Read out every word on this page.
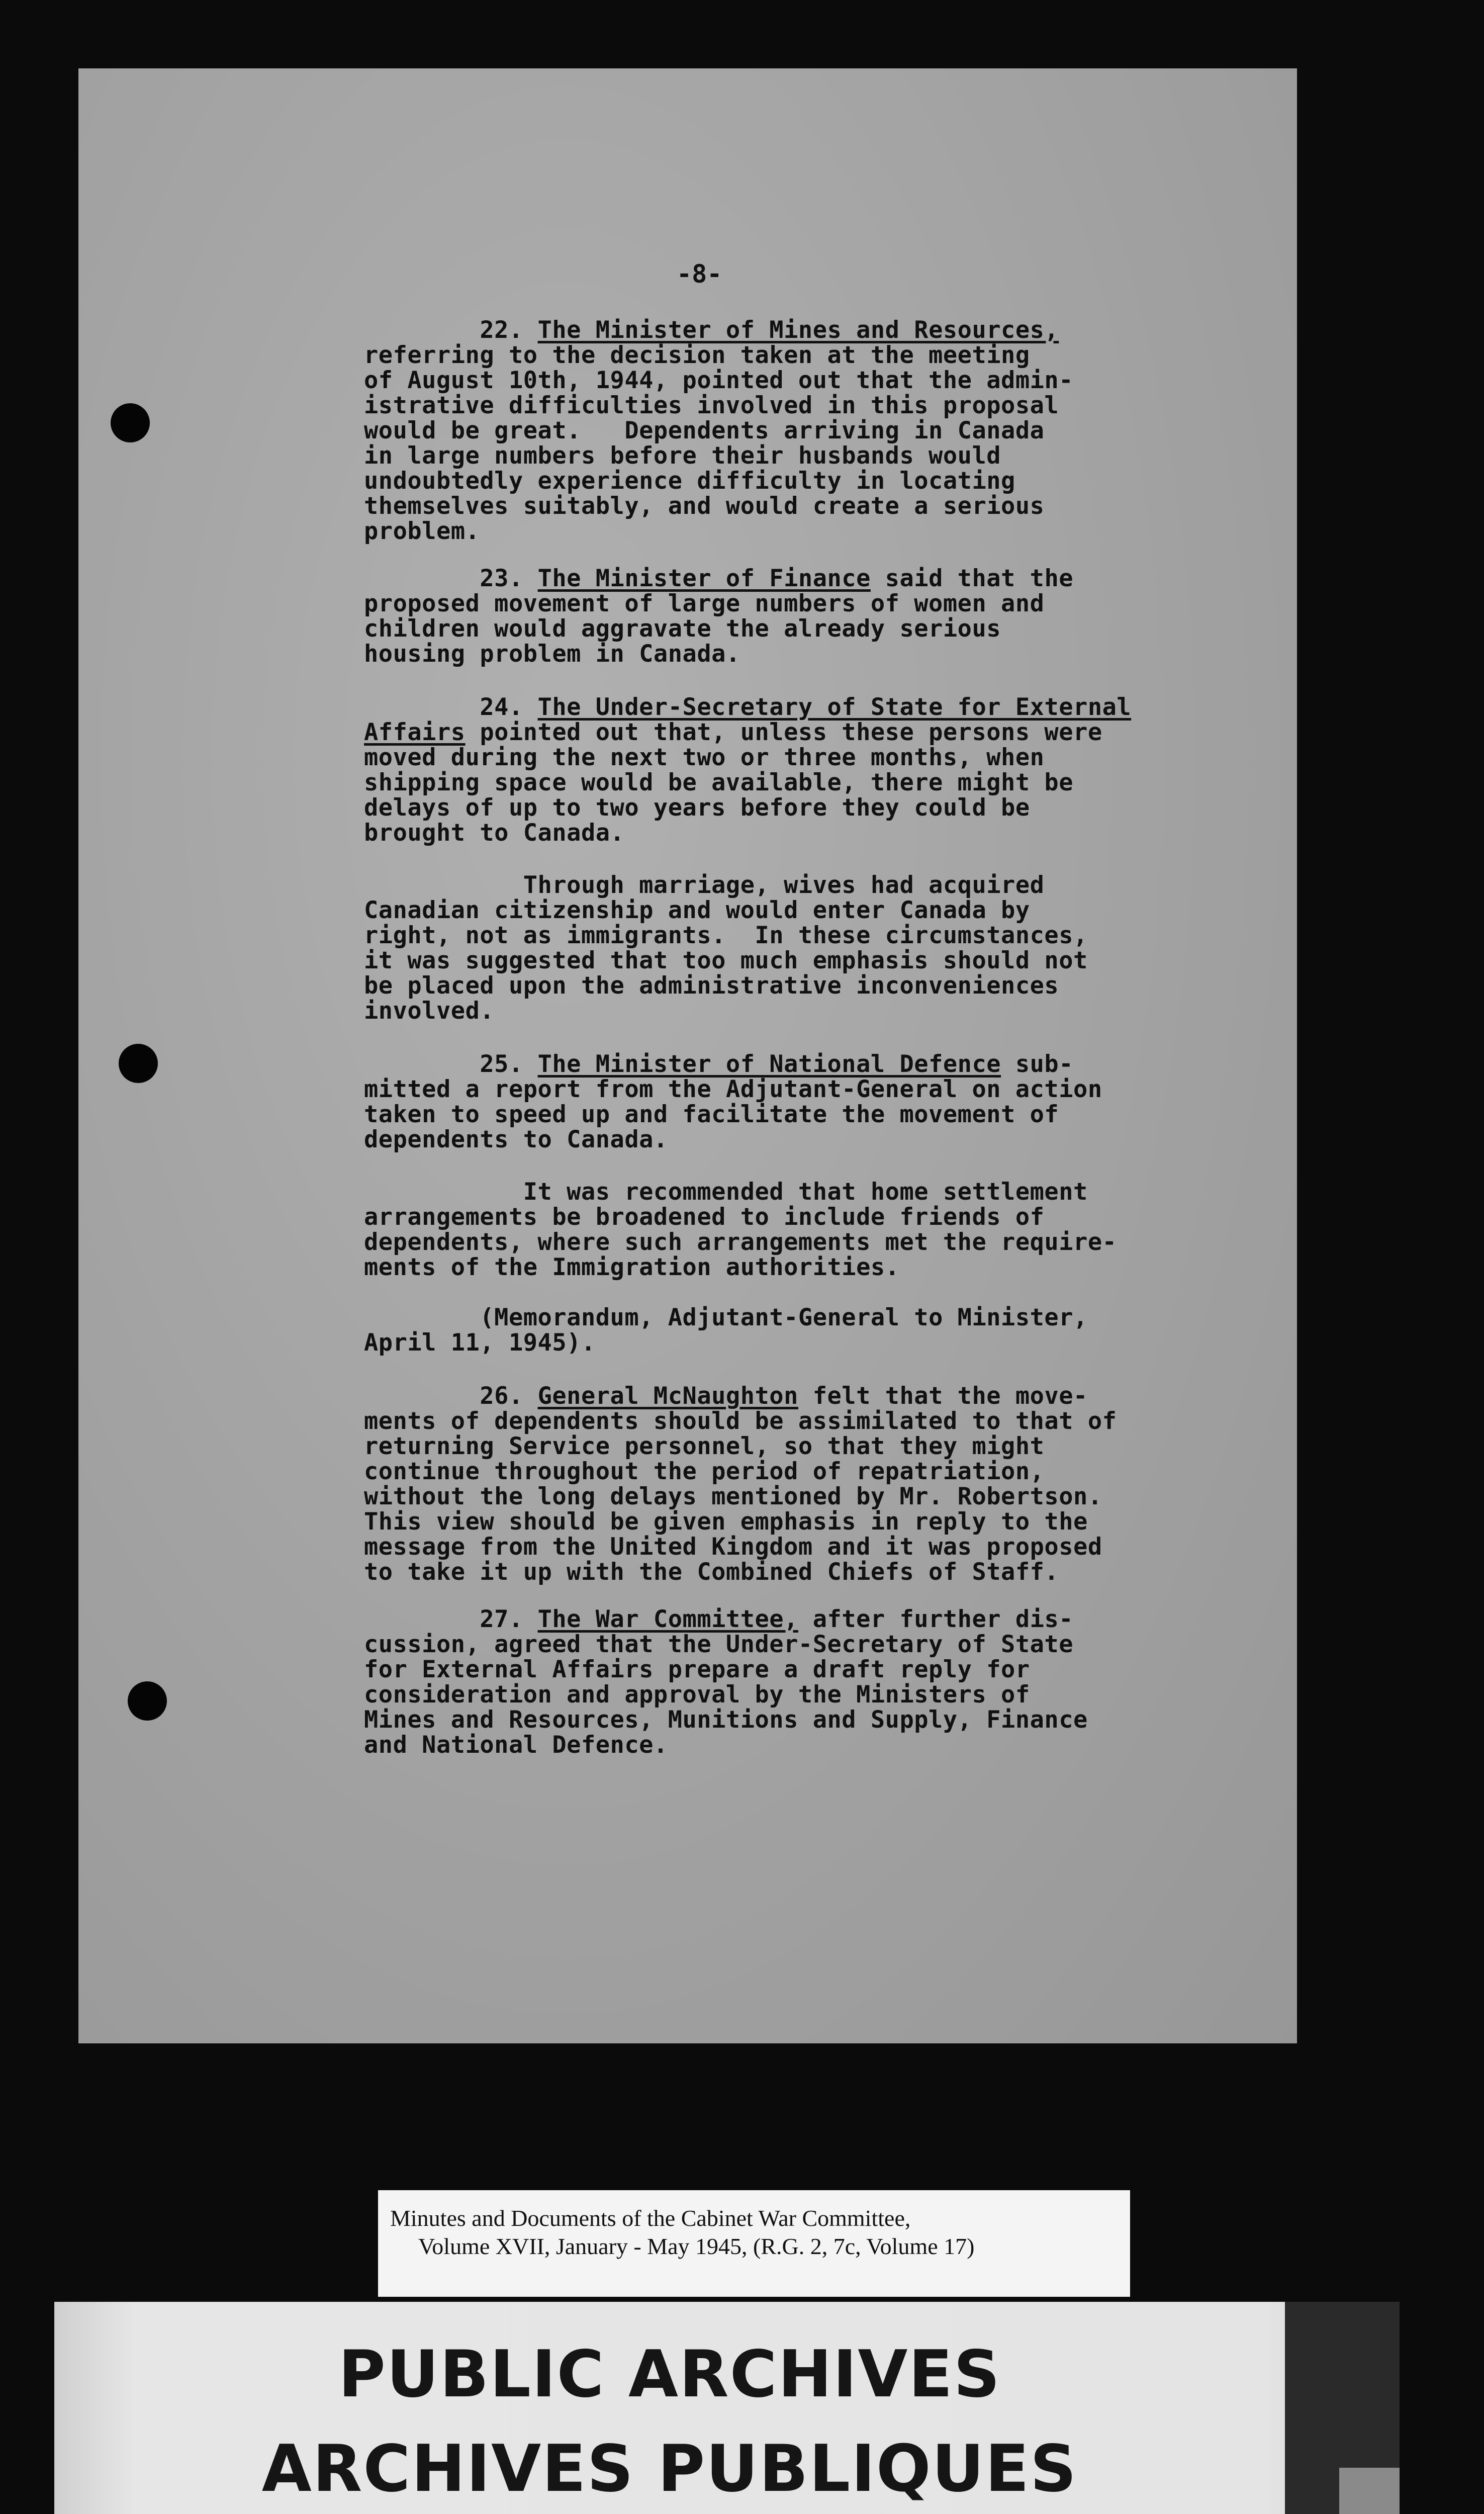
-8-
22. The Minister of Mines and Resources,
referring to the decision taken at the meeting
of August 10th, 1944, pointed out that the admin-
istrative difficulties involved in this proposal
would be great.   Dependents arriving in Canada
in large numbers before their husbands would
undoubtedly experience difficulty in locating
themselves suitably, and would create a serious
problem.
23. The Minister of Finance said that the
proposed movement of large numbers of women and
children would aggravate the already serious
housing problem in Canada.
24. The Under-Secretary of State for External
Affairs pointed out that, unless these persons were
moved during the next two or three months, when
shipping space would be available, there might be
delays of up to two years before they could be
brought to Canada.
Through marriage, wives had acquired
Canadian citizenship and would enter Canada by
right, not as immigrants.  In these circumstances,
it was suggested that too much emphasis should not
be placed upon the administrative inconveniences
involved.
25. The Minister of National Defence sub-
mitted a report from the Adjutant-General on action
taken to speed up and facilitate the movement of
dependents to Canada.
It was recommended that home settlement
arrangements be broadened to include friends of
dependents, where such arrangements met the require-
ments of the Immigration authorities.
(Memorandum, Adjutant-General to Minister,
April 11, 1945).
26. General McNaughton felt that the move-
ments of dependents should be assimilated to that of
returning Service personnel, so that they might
continue throughout the period of repatriation,
without the long delays mentioned by Mr. Robertson.
This view should be given emphasis in reply to the
message from the United Kingdom and it was proposed
to take it up with the Combined Chiefs of Staff.
27. The War Committee, after further dis-
cussion, agreed that the Under-Secretary of State
for External Affairs prepare a draft reply for
consideration and approval by the Ministers of
Mines and Resources, Munitions and Supply, Finance
and National Defence.
Minutes and Documents of the Cabinet War Committee,
Volume XVII, January - May 1945, (R.G. 2, 7c, Volume 17)
PUBLIC ARCHIVES
ARCHIVES PUBLIQUES
